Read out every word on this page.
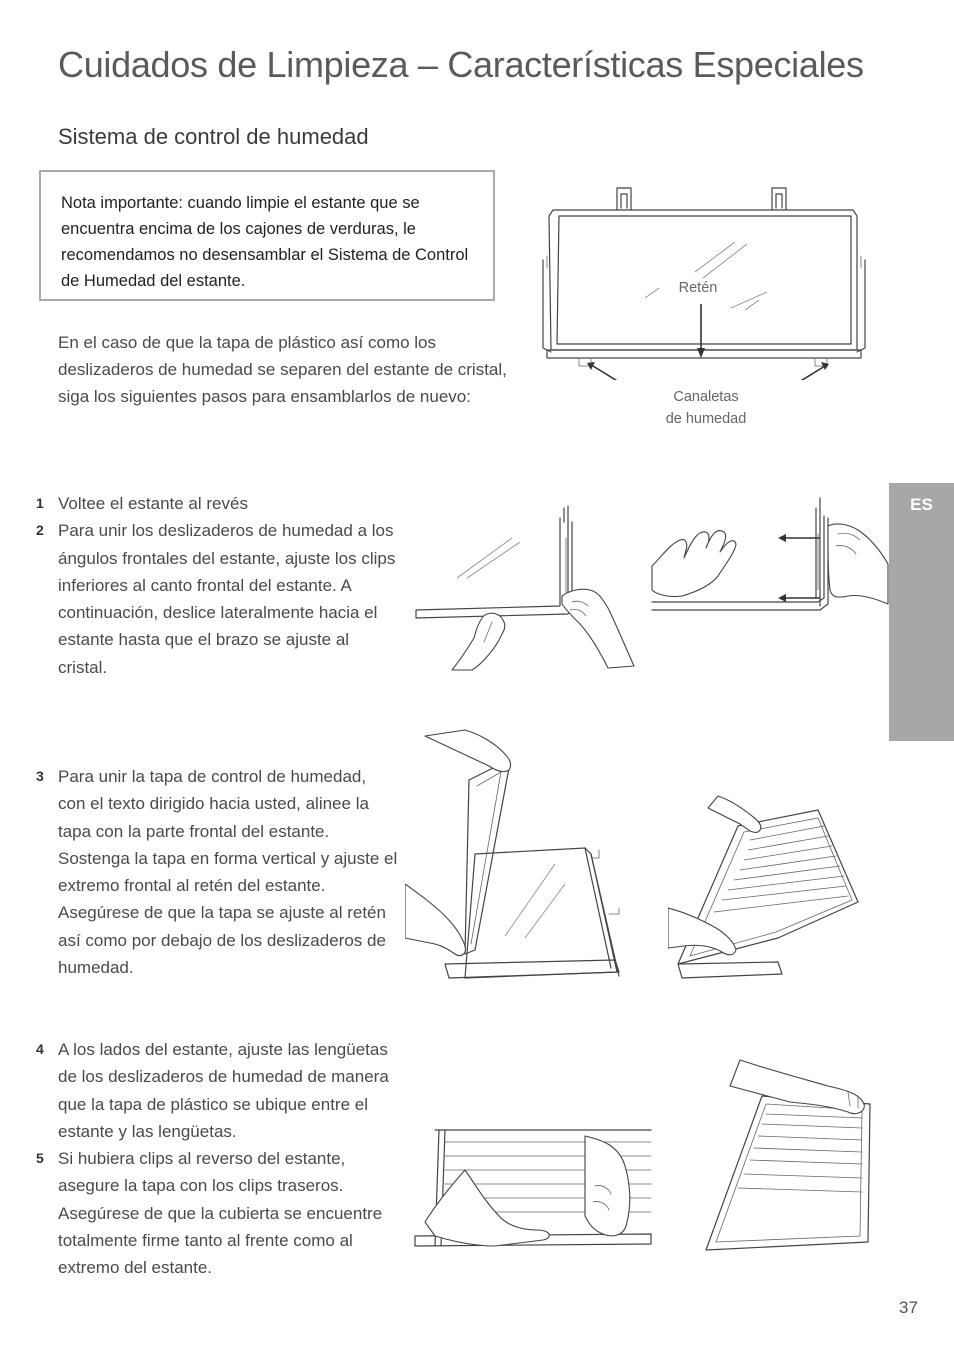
Cuidados de Limpieza – Características Especiales
Sistema de control de humedad
Nota importante: cuando limpie el estante que se encuentra encima de los cajones de verduras, le recomendamos no desensamblar el Sistema de Control de Humedad del estante.
En el caso de que la tapa de plástico así como los deslizaderos de humedad se separen del estante de cristal, siga los siguientes pasos para ensamblarlos de nuevo:
Retén
Canaletas
de humedad
1 Voltee el estante al revés
2 Para unir los deslizaderos de humedad a los ángulos frontales del estante, ajuste los clips inferiores al canto frontal del estante. A continuación, deslice lateralmente hacia el estante hasta que el brazo se ajuste al cristal.
3 Para unir la tapa de control de humedad, con el texto dirigido hacia usted, alinee la tapa con la parte frontal del estante. Sostenga la tapa en forma vertical y ajuste el extremo frontal al retén del estante. Asegúrese de que la tapa se ajuste al retén así como por debajo de los deslizaderos de humedad.
4 A los lados del estante, ajuste las lengüetas de los deslizaderos de humedad de manera que la tapa de plástico se ubique entre el estante y las lengüetas.
5 Si hubiera clips al reverso del estante, asegure la tapa con los clips traseros. Asegúrese de que la cubierta se encuentre totalmente firme tanto al frente como al extremo del estante.
ES
37
